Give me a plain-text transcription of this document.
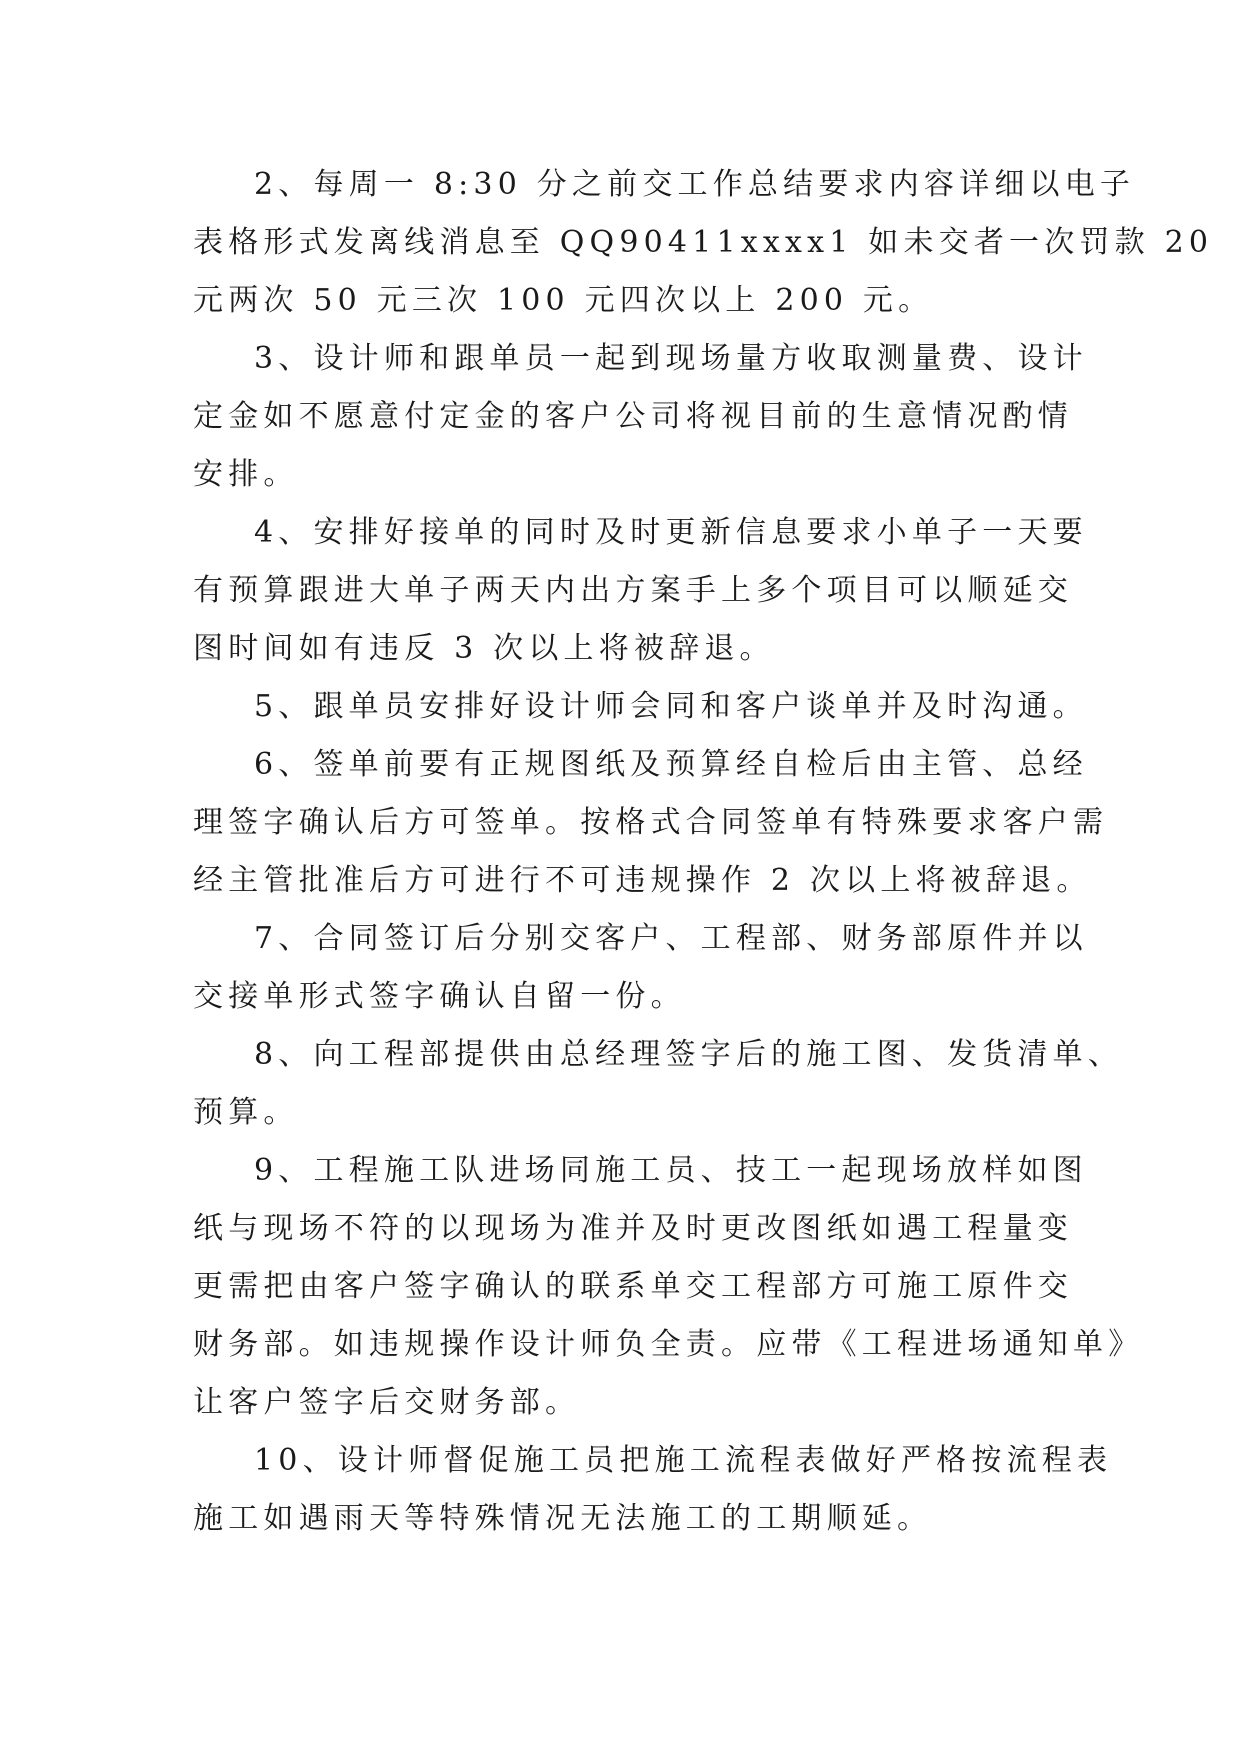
2、每周一 8:30 分之前交工作总结要求内容详细以电子
表格形式发离线消息至 QQ90411xxxx1 如未交者一次罚款 20
元两次 50 元三次 100 元四次以上 200 元。
3、设计师和跟单员一起到现场量方收取测量费、设计
定金如不愿意付定金的客户公司将视目前的生意情况酌情
安排。
4、安排好接单的同时及时更新信息要求小单子一天要
有预算跟进大单子两天内出方案手上多个项目可以顺延交
图时间如有违反 3 次以上将被辞退。
5、跟单员安排好设计师会同和客户谈单并及时沟通。
6、签单前要有正规图纸及预算经自检后由主管、总经
理签字确认后方可签单。按格式合同签单有特殊要求客户需
经主管批准后方可进行不可违规操作 2 次以上将被辞退。
7、合同签订后分别交客户、工程部、财务部原件并以
交接单形式签字确认自留一份。
8、向工程部提供由总经理签字后的施工图、发货清单、
预算。
9、工程施工队进场同施工员、技工一起现场放样如图
纸与现场不符的以现场为准并及时更改图纸如遇工程量变
更需把由客户签字确认的联系单交工程部方可施工原件交
财务部。如违规操作设计师负全责。应带《工程进场通知单》
让客户签字后交财务部。
10、设计师督促施工员把施工流程表做好严格按流程表
施工如遇雨天等特殊情况无法施工的工期顺延。
